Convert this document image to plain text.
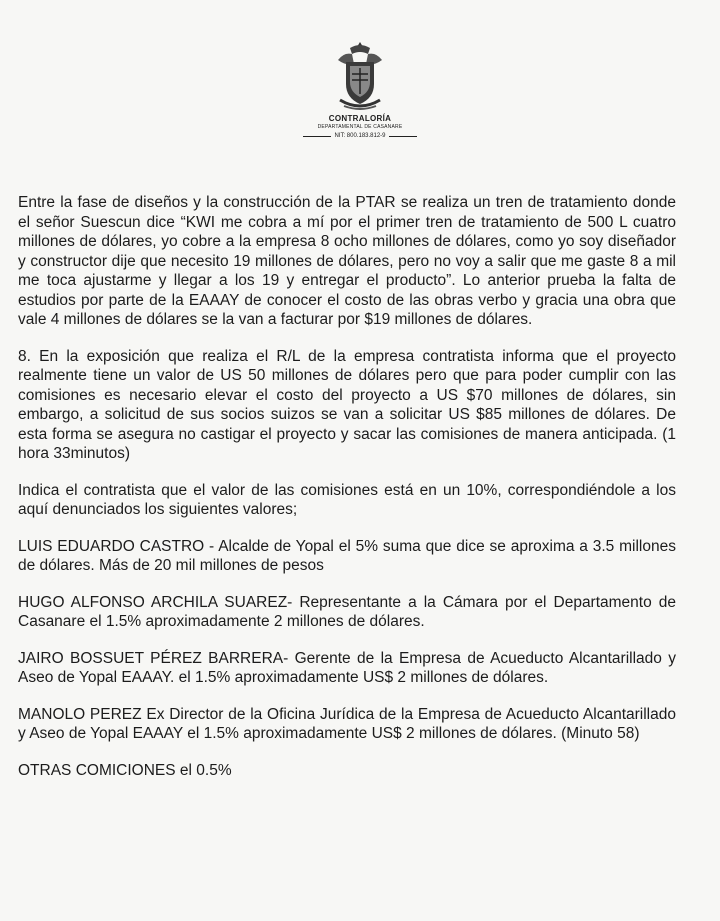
CONTRALORÍA
DEPARTAMENTAL DE CASANARE
NIT: 800.183.812-9

Entre la fase de diseños y la construcción de la PTAR se realiza un tren de tratamiento donde el señor Suescun dice “KWI me cobra a mí por el primer tren de tratamiento de 500 L cuatro millones de dólares, yo cobre a la empresa 8 ocho millones de dólares, como yo soy diseñador y constructor dije que necesito 19 millones de dólares, pero no voy a salir que me gaste 8 a mil me toca ajustarme y llegar a los 19 y entregar el producto”. Lo anterior prueba la falta de estudios por parte de la EAAAY de conocer el costo de las obras verbo y gracia una obra que vale 4 millones de dólares se la van a facturar por $19 millones de dólares.

8. En la exposición que realiza el R/L de la empresa contratista informa que el proyecto realmente tiene un valor de US 50 millones de dólares pero que para poder cumplir con las comisiones es necesario elevar el costo del proyecto a US $70 millones de dólares, sin embargo, a solicitud de sus socios suizos se van a solicitar US $85 millones de dólares. De esta forma se asegura no castigar el proyecto y sacar las comisiones de manera anticipada. (1 hora 33minutos)

Indica el contratista que el valor de las comisiones está en un 10%, correspondiéndole a los aquí denunciados los siguientes valores;

LUIS EDUARDO CASTRO - Alcalde de Yopal el 5% suma que dice se aproxima a 3.5 millones de dólares. Más de 20 mil millones de pesos

HUGO ALFONSO ARCHILA SUAREZ- Representante a la Cámara por el Departamento de Casanare el 1.5% aproximadamente 2 millones de dólares.

JAIRO BOSSUET PÉREZ BARRERA- Gerente de la Empresa de Acueducto Alcantarillado y Aseo de Yopal EAAAY. el 1.5% aproximadamente US$ 2 millones de dólares.

MANOLO PEREZ Ex Director de la Oficina Jurídica de la Empresa de Acueducto Alcantarillado y Aseo de Yopal EAAAY el 1.5% aproximadamente US$ 2 millones de dólares. (Minuto 58)

OTRAS COMICIONES el 0.5%
